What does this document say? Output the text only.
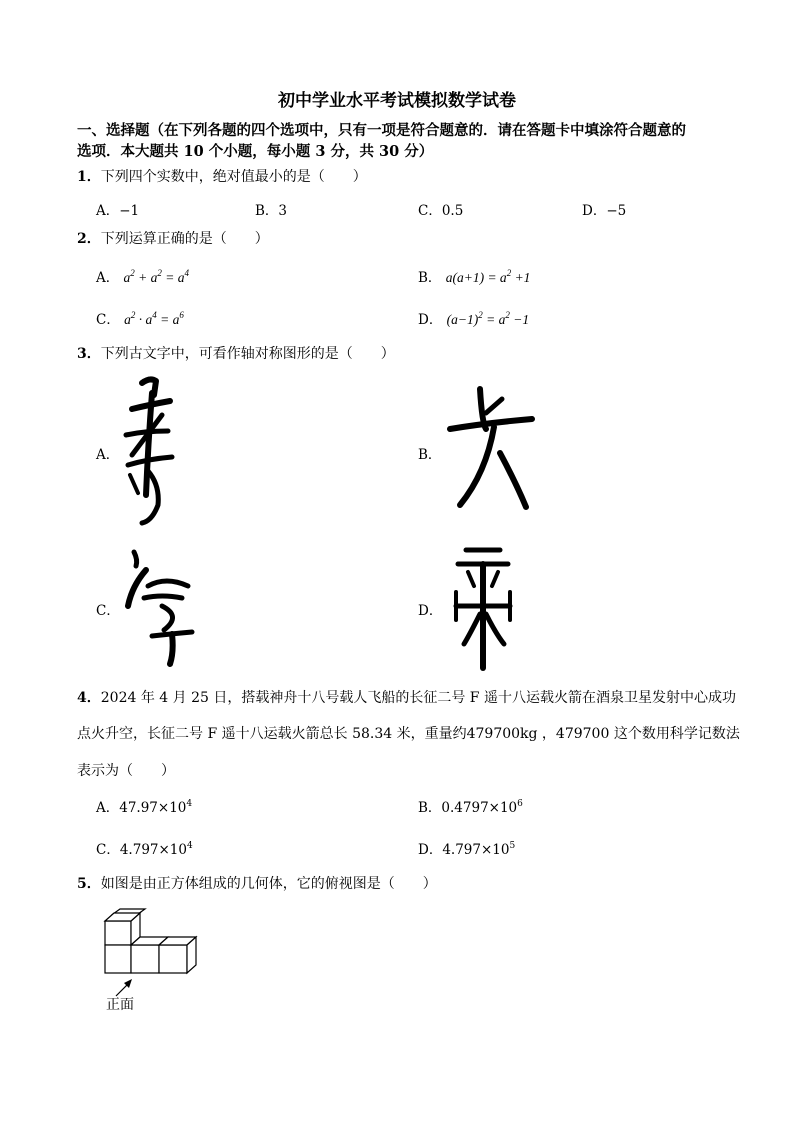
初中学业水平考试模拟数学试卷
一、选择题（在下列各题的四个选项中，只有一项是符合题意的．请在答题卡中填涂符合题意的
选项．本大题共 10 个小题，每小题 3 分，共 30 分）
1．下列四个实数中，绝对值最小的是（　　）
A．−1	B．3	C．0.5	D．−5
2．下列运算正确的是（　　）
A． $a^2 + a^2 = a^4$	B． $a(a+1) = a^2 +1$
C． $a^2 \cdot a^4 = a^6$	D． $(a-1)^2 = a^2 -1$
3．下列古文字中，可看作轴对称图形的是（　　）
A．	B．
C．	D．
4．2024 年 4 月 25 日，搭载神舟十八号载人飞船的长征二号 F 遥十八运载火箭在酒泉卫星发射中心成功
点火升空，长征二号 F 遥十八运载火箭总长 58.34 米，重量约479700kg ，479700 这个数用科学记数法
表示为（　　）
A．$47.97\times 10^4$	B．$0.4797\times 10^6$
C．$4.797\times 10^4$	D．$4.797\times 10^5$
5．如图是由正方体组成的几何体，它的俯视图是（　　）
正面
